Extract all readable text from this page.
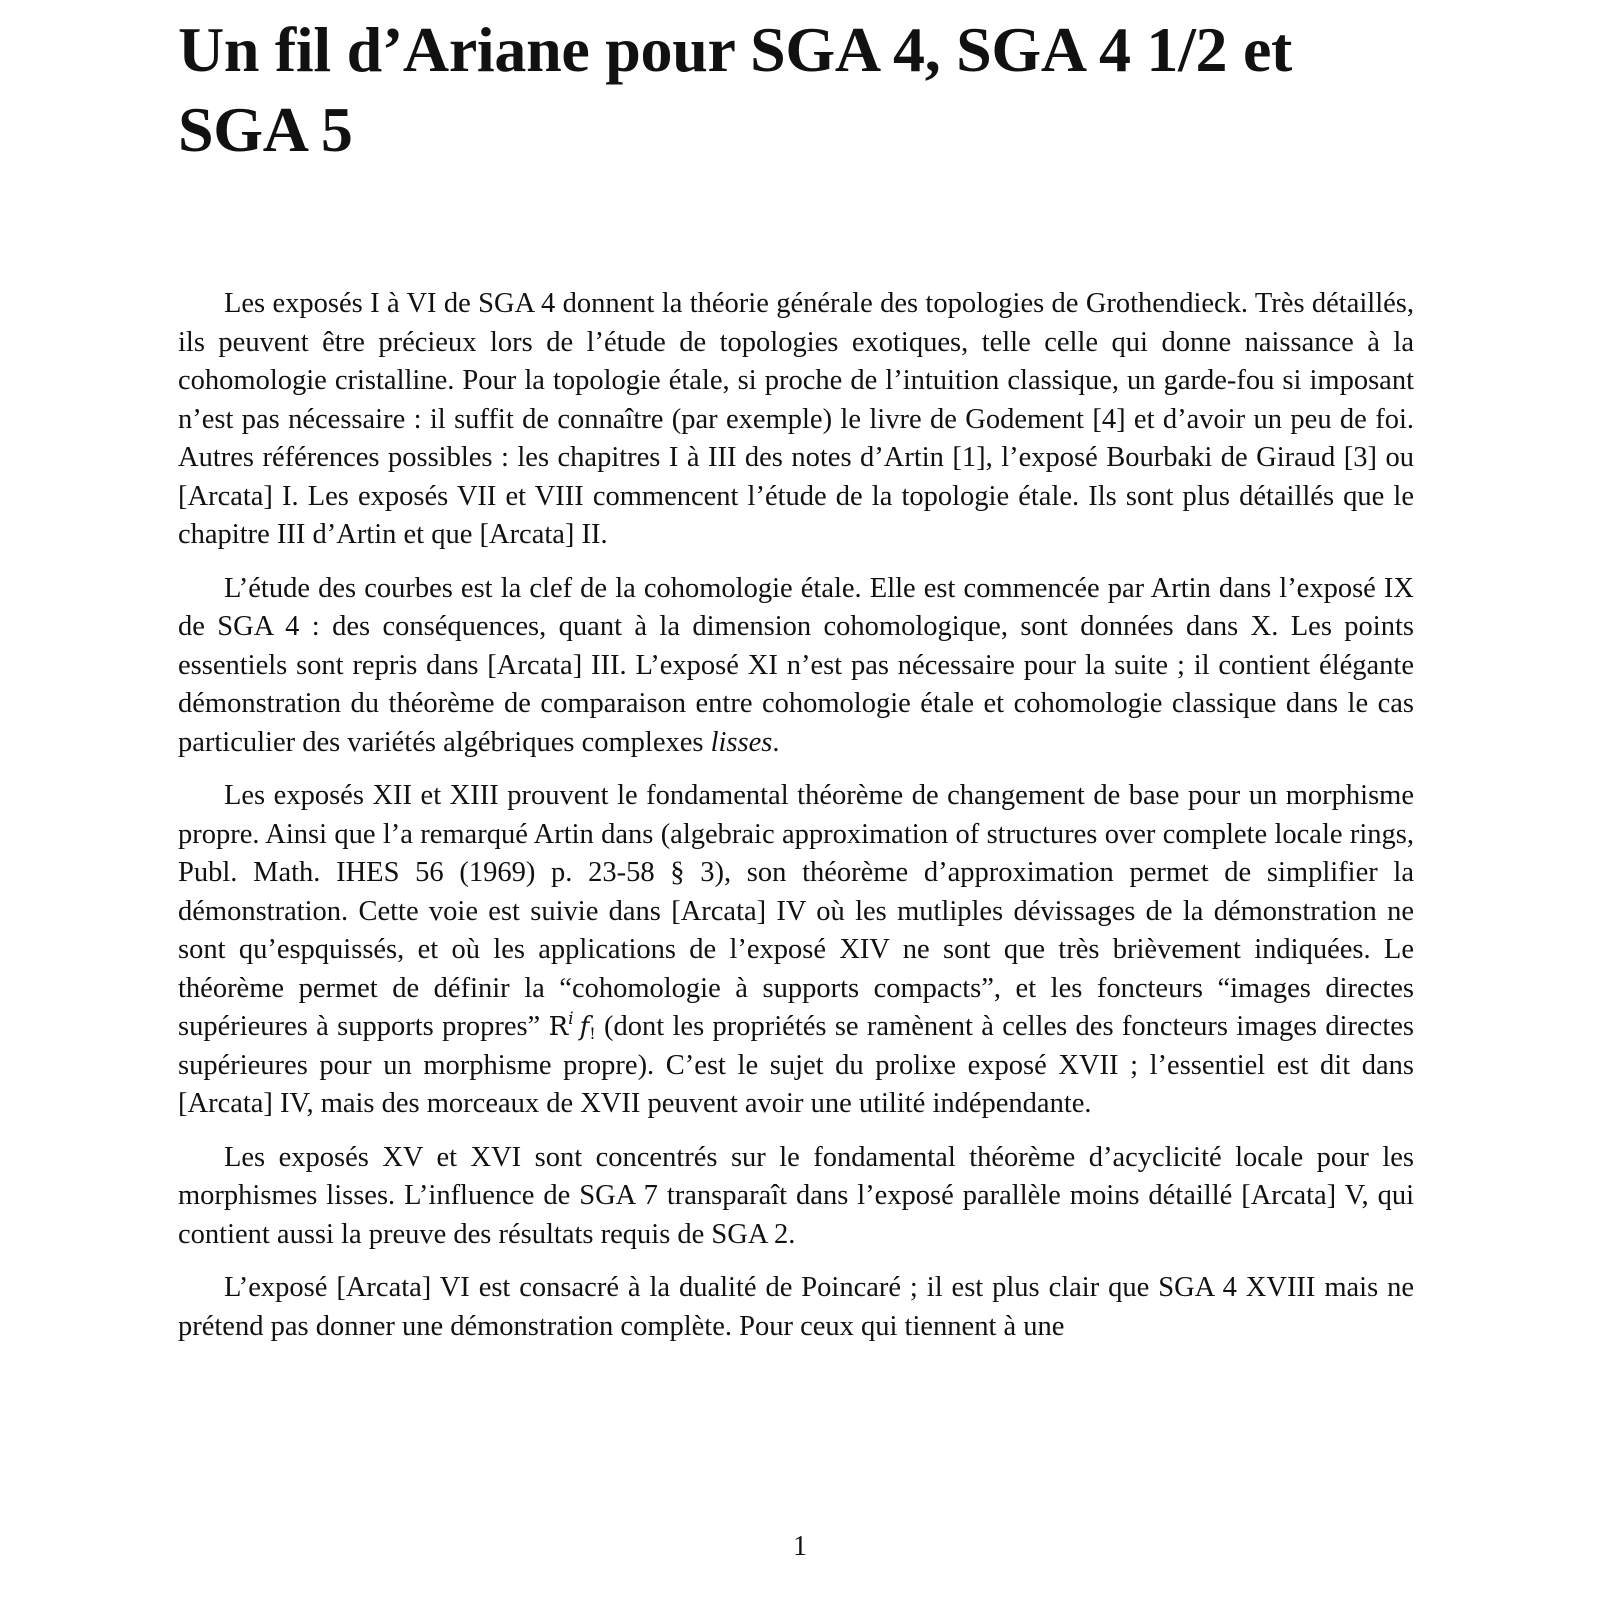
Un fil d’Ariane pour SGA 4, SGA 4 1/2 et SGA 5

Les exposés I à VI de SGA 4 donnent la théorie générale des topologies de Grothendieck. Très détaillés, ils peuvent être précieux lors de l’étude de topologies exotiques, telle celle qui donne naissance à la cohomologie cristalline. Pour la topologie étale, si proche de l’intuition classique, un garde-fou si imposant n’est pas nécessaire : il suffit de connaître (par exemple) le livre de Godement [4] et d’avoir un peu de foi. Autres références possibles : les chapitres I à III des notes d’Artin [1], l’exposé Bourbaki de Giraud [3] ou [Arcata] I. Les exposés VII et VIII commencent l’étude de la topologie étale. Ils sont plus détaillés que le chapitre III d’Artin et que [Arcata] II.

L’étude des courbes est la clef de la cohomologie étale. Elle est commencée par Artin dans l’exposé IX de SGA 4 : des conséquences, quant à la dimension cohomologique, sont données dans X. Les points essentiels sont repris dans [Arcata] III. L’exposé XI n’est pas nécessaire pour la suite ; il contient élégante démonstration du théorème de comparaison entre cohomologie étale et cohomologie classique dans le cas particulier des variétés algébriques complexes lisses.

Les exposés XII et XIII prouvent le fondamental théorème de changement de base pour un morphisme propre. Ainsi que l’a remarqué Artin dans (algebraic approximation of structures over complete locale rings, Publ. Math. IHES 56 (1969) p. 23-58 § 3), son théorème d’approximation permet de simplifier la démonstration. Cette voie est suivie dans [Arcata] IV où les mutliples dévissages de la démonstration ne sont qu’espquissés, et où les applications de l’exposé XIV ne sont que très brièvement indiquées. Le théorème permet de définir la “cohomologie à supports compacts”, et les foncteurs “images directes supérieures à supports propres” $R^i$ $f_!$ (dont les propriétés se ramènent à celles des foncteurs images directes supérieures pour un morphisme propre). C’est le sujet du prolixe exposé XVII ; l’essentiel est dit dans [Arcata] IV, mais des morceaux de XVII peuvent avoir une utilité indépendante.

Les exposés XV et XVI sont concentrés sur le fondamental théorème d’acyclicité locale pour les morphismes lisses. L’influence de SGA 7 transparaît dans l’exposé parallèle moins détaillé [Arcata] V, qui contient aussi la preuve des résultats requis de SGA 2.

L’exposé [Arcata] VI est consacré à la dualité de Poincaré ; il est plus clair que SGA 4 XVIII mais ne prétend pas donner une démonstration complète. Pour ceux qui tiennent à une

1
